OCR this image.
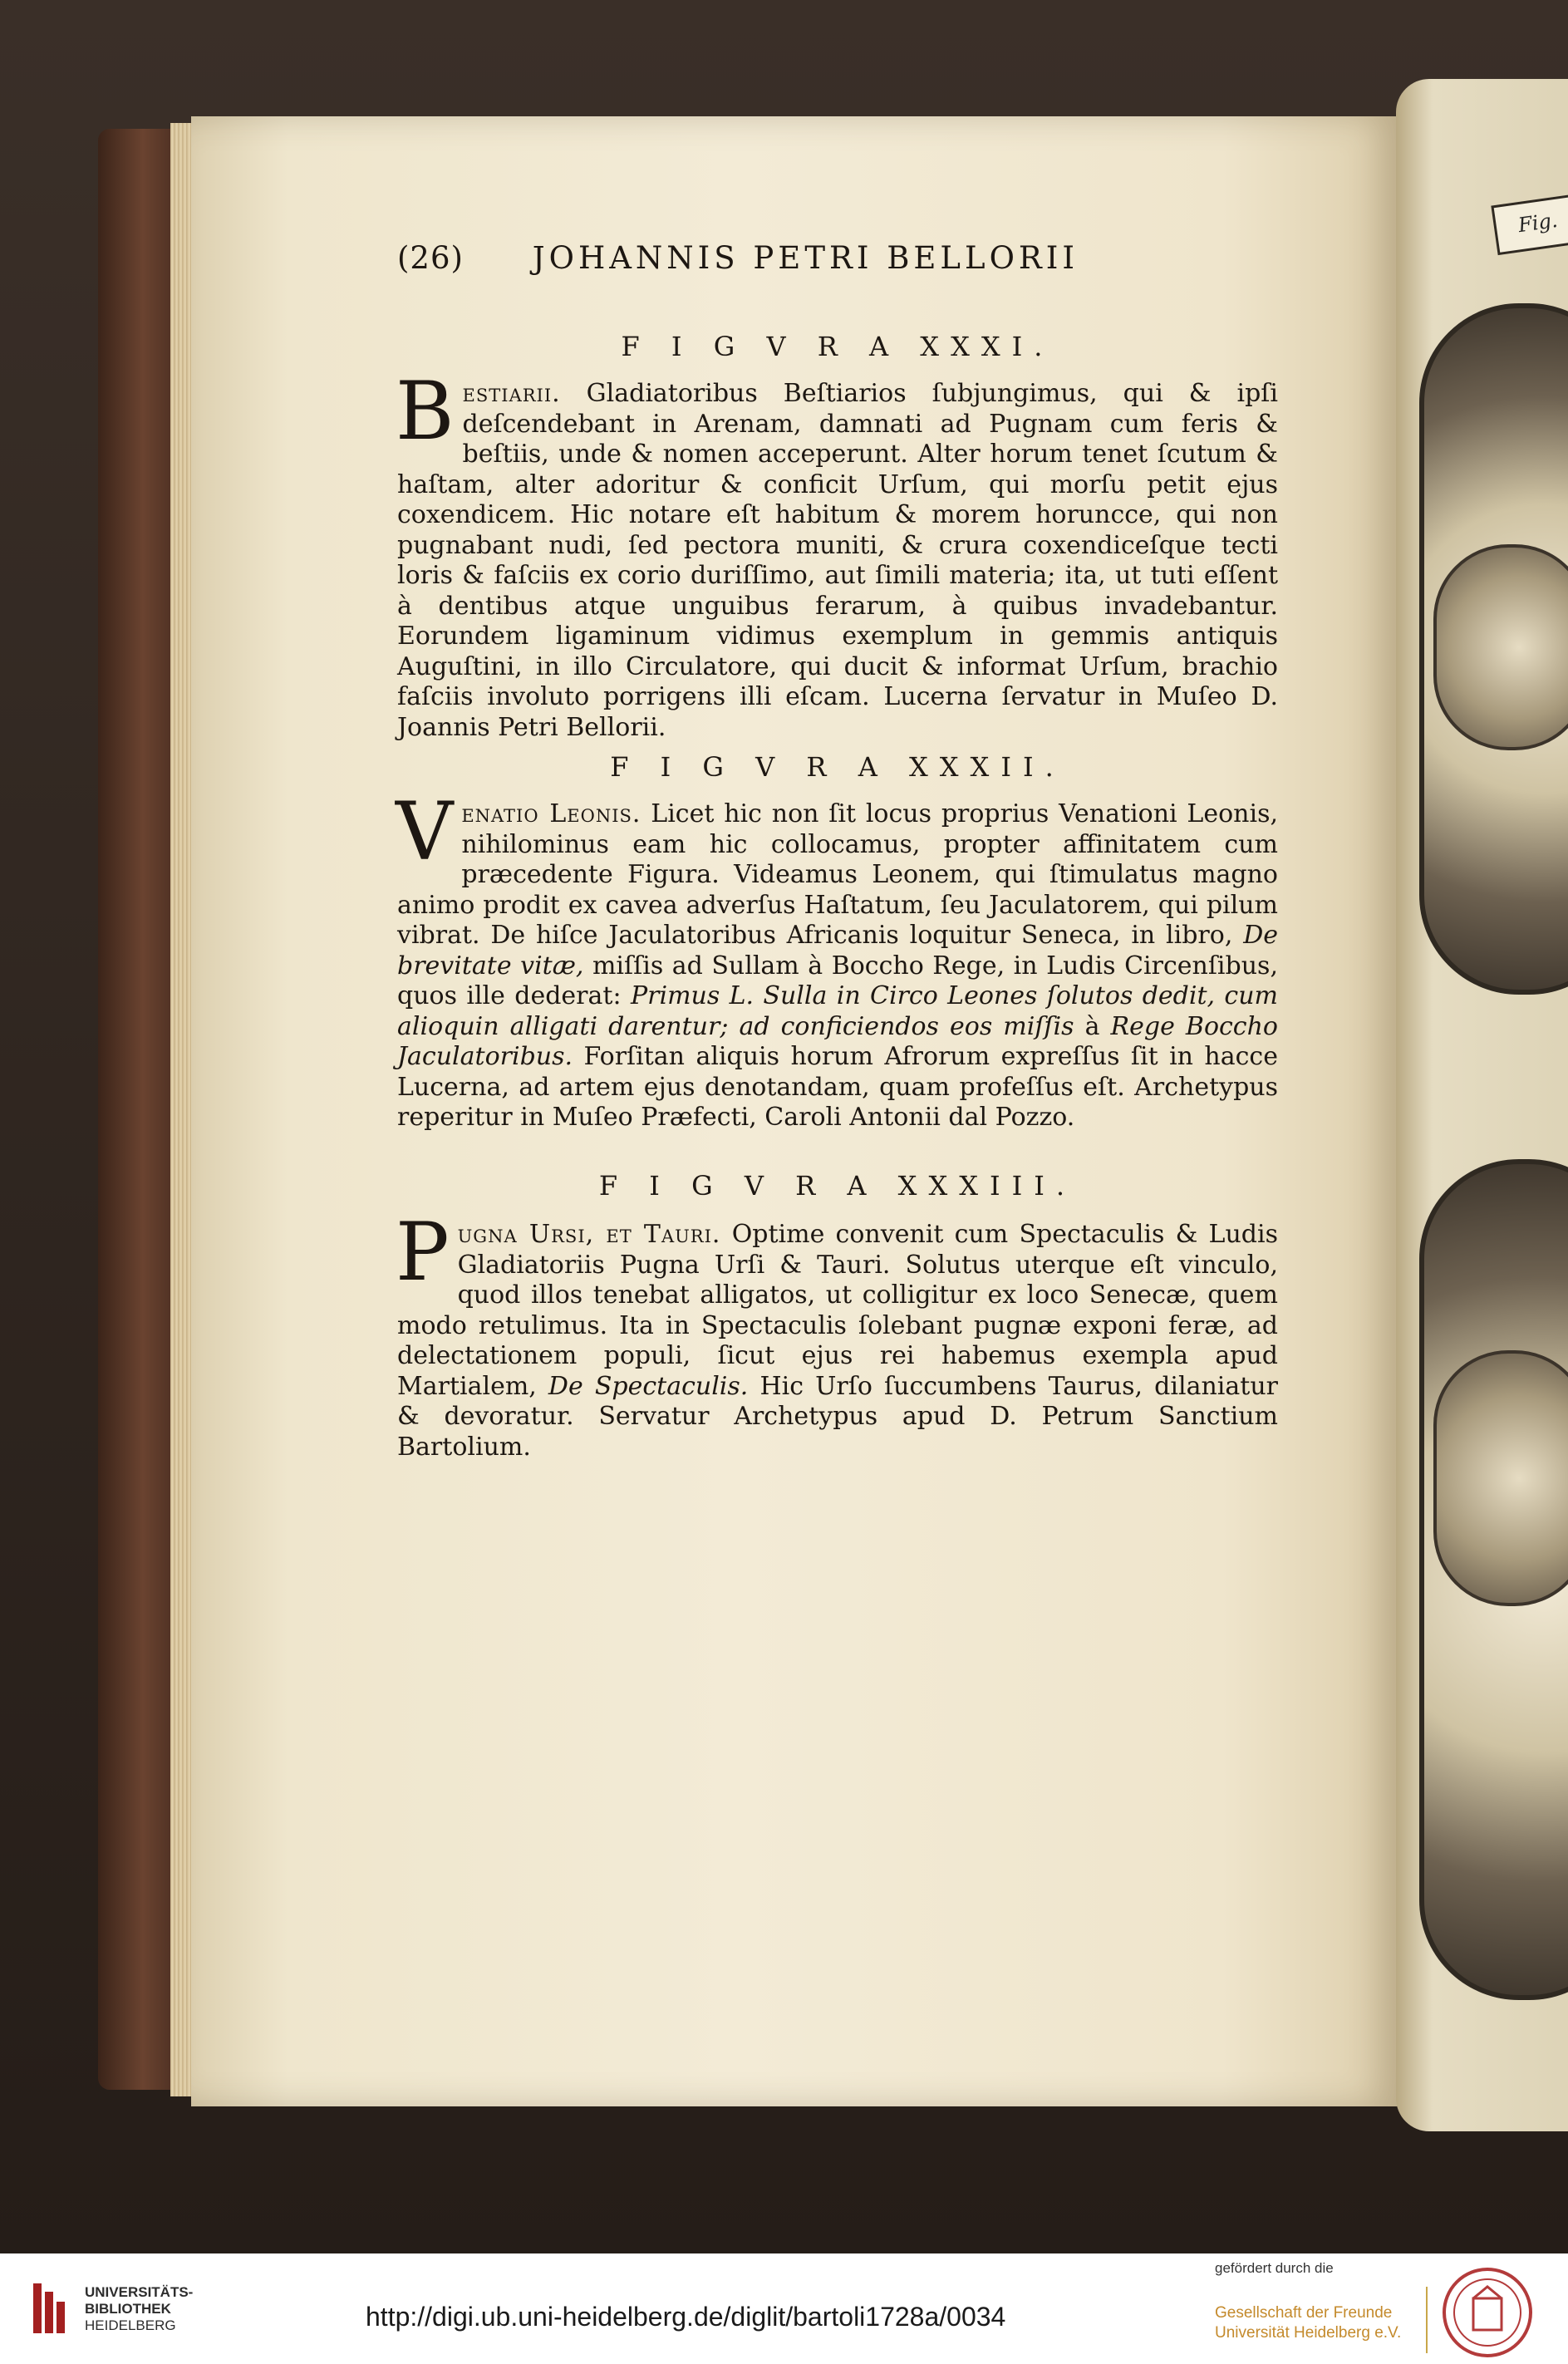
(26) JOHANNIS PETRI BELLORII
F I G V R A XXXI.
B estiarii. Gladiatoribus Beſtiarios ſubjungimus, qui & ipſi deſcendebant in Arenam, damnati ad Pugnam cum feris & beſtiis, unde & nomen acceperunt. Alter horum tenet ſcutum & haſtam, alter adoritur & conficit Urſum, qui morſu petit ejus coxendicem. Hic notare eſt habitum & morem horuncce, qui non pugnabant nudi, ſed pectora muniti, & crura coxendiceſque tecti loris & faſciis ex corio duriſſimo, aut ſimili materia; ita, ut tuti eſſent à dentibus atque unguibus ferarum, à quibus invadebantur. Eorundem ligaminum vidimus exemplum in gemmis antiquis Auguſtini, in illo Circulatore, qui ducit & informat Urſum, brachio faſciis involuto porrigens illi eſcam. Lucerna ſervatur in Muſeo D. Joannis Petri Bellorii.
F I G V R A XXXII.
V enatio Leonis. Licet hic non ſit locus proprius Venationi Leonis, nihilominus eam hic collocamus, propter affinitatem cum præcedente Figura. Videamus Leonem, qui ſtimulatus magno animo prodit ex cavea adverſus Haſtatum, ſeu Jaculatorem, qui pilum vibrat. De hiſce Jaculatoribus Africanis loquitur Seneca, in libro, De brevitate vitæ, miſſis ad Sullam à Boccho Rege, in Ludis Circenſibus, quos ille dederat: Primus L. Sulla in Circo Leones ſolutos dedit, cum alioquin alligati darentur; ad conficiendos eos miſſis à Rege Boccho Jaculatoribus. Forſitan aliquis horum Afrorum expreſſus ſit in hacce Lucerna, ad artem ejus denotandam, quam profeſſus eſt. Archetypus reperitur in Muſeo Præfecti, Caroli Antonii dal Pozzo.
F I G V R A XXXIII.
P ugna Ursi, et Tauri. Optime convenit cum Spectaculis & Ludis Gladiatoriis Pugna Urſi & Tauri. Solutus uterque eſt vinculo, quod illos tenebat alligatos, ut colligitur ex loco Senecæ, quem modo retulimus. Ita in Spectaculis ſolebant pugnæ exponi feræ, ad delectationem populi, ſicut ejus rei habemus exempla apud Martialem, De Spectaculis. Hic Urſo ſuccumbens Taurus, dilaniatur & devoratur. Servatur Archetypus apud D. Petrum Sanctium Bartolium.
Fig.
UNIVERSITÄTS-
BIBLIOTHEK
HEIDELBERG	http://digi.ub.uni-heidelberg.de/diglit/bartoli1728a/0034
gefördert durch die
Gesellschaft der Freunde
Universität Heidelberg e.V.
